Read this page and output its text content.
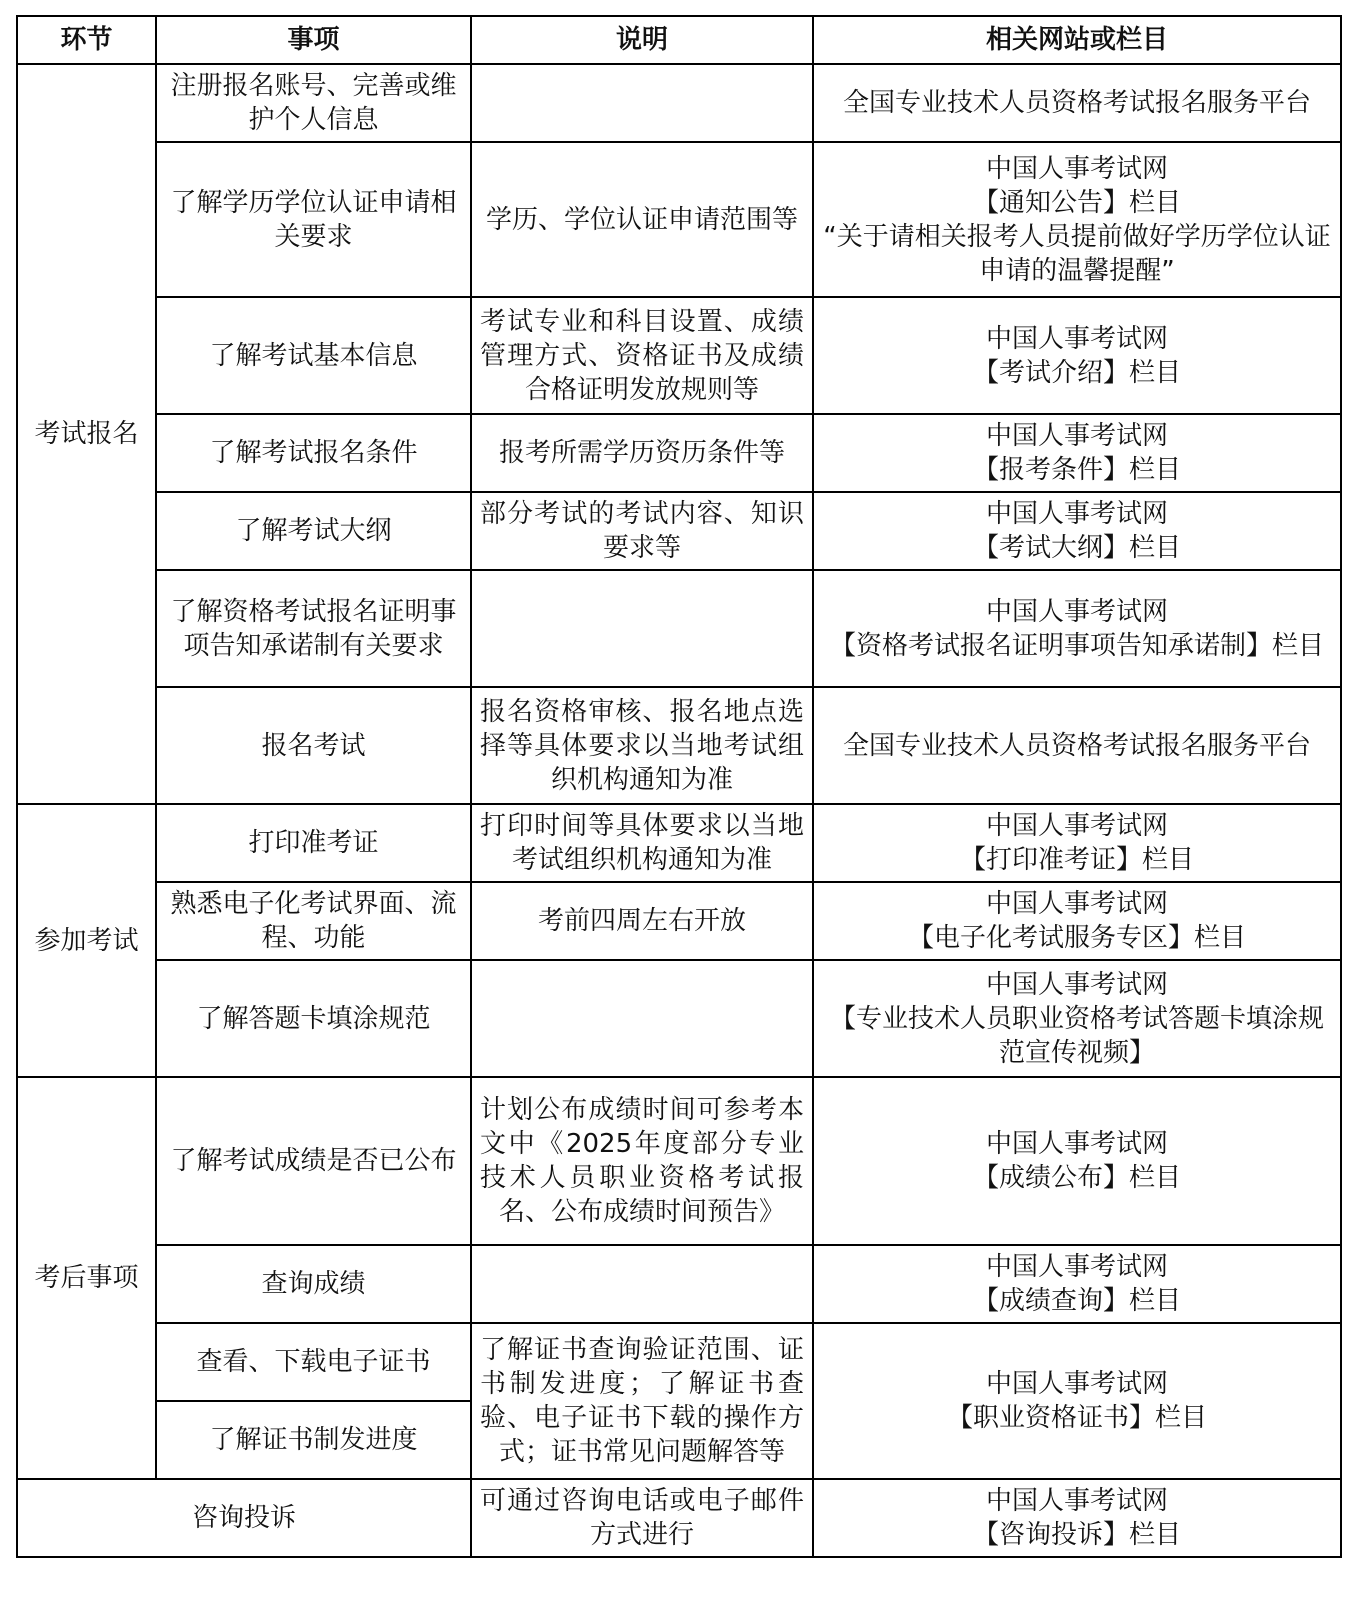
环节	事项	说明	相关网站或栏目
考试报名	注册报名账号、完善或维护个人信息		全国专业技术人员资格考试报名服务平台

	了解学历学位认证申请相关要求	学历、学位认证申请范围等	中国人事考试网
【通知公告】栏目
“关于请相关报考人员提前做好学历学位认证申请的温馨提醒”

	了解考试基本信息	考试专业和科目设置、成绩管理方式、资格证书及成绩合格证明发放规则等	中国人事考试网
【考试介绍】栏目

	了解考试报名条件	报考所需学历资历条件等	中国人事考试网
【报考条件】栏目

	了解考试大纲	部分考试的考试内容、知识要求等	中国人事考试网
【考试大纲】栏目

	了解资格考试报名证明事项告知承诺制有关要求		中国人事考试网
【资格考试报名证明事项告知承诺制】栏目

	报名考试	报名资格审核、报名地点选择等具体要求以当地考试组织机构通知为准	全国专业技术人员资格考试报名服务平台

参加考试	打印准考证	打印时间等具体要求以当地考试组织机构通知为准	中国人事考试网
【打印准考证】栏目

	熟悉电子化考试界面、流程、功能	考前四周左右开放	中国人事考试网
【电子化考试服务专区】栏目

	了解答题卡填涂规范		中国人事考试网
【专业技术人员职业资格考试答题卡填涂规范宣传视频】

考后事项	了解考试成绩是否已公布	计划公布成绩时间可参考本文中《2025年度部分专业技术人员职业资格考试报名、公布成绩时间预告》	中国人事考试网
【成绩公布】栏目

	查询成绩		中国人事考试网
【成绩查询】栏目

	查看、下载电子证书	了解证书查询验证范围、证书制发进度；了解证书查验、电子证书下载的操作方式；证书常见问题解答等	中国人事考试网
【职业资格证书】栏目

	了解证书制发进度		
咨询投诉		可通过咨询电话或电子邮件方式进行	中国人事考试网
【咨询投诉】栏目
